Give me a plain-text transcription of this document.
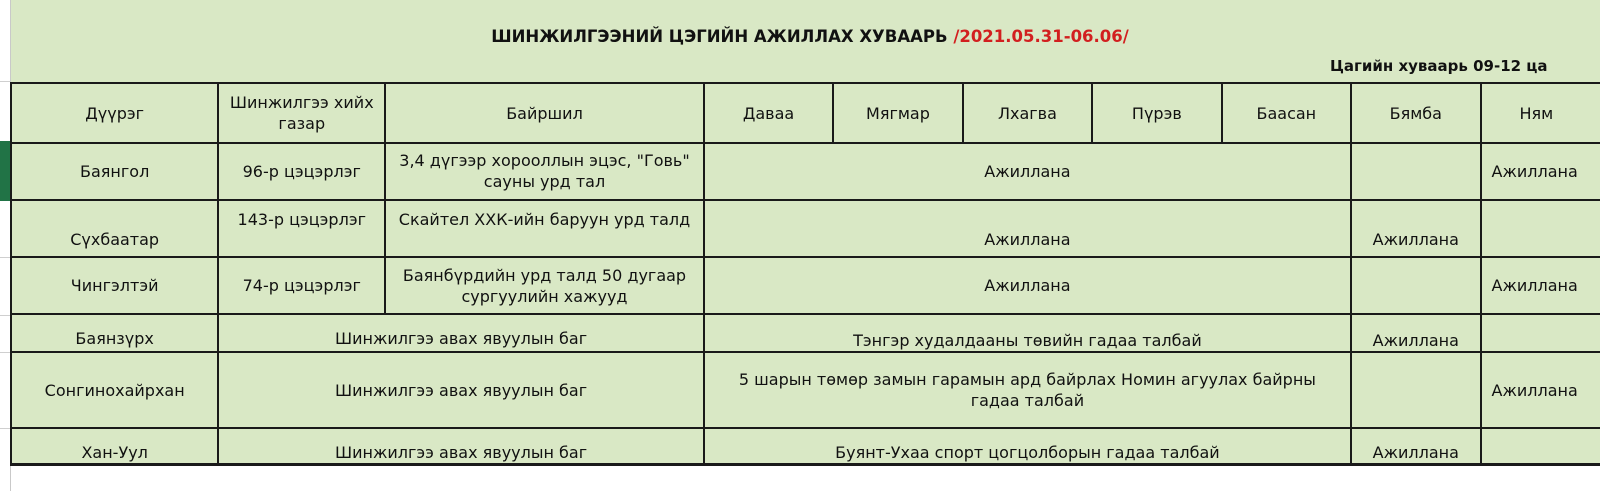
ШИНЖИЛГЭЭНИЙ ЦЭГИЙН АЖИЛЛАХ ХУВААРЬ /2021.05.31-06.06/
Цагийн хуваарь 09-12 ца
Дүүрэг	Шинжилгээ хийх газар	Байршил	Даваа	Мягмар	Лхагва	Пүрэв	Баасан	Бямба	Ням
Баянгол	96-р цэцэрлэг	3,4 дүгээр хорооллын эцэс, "Говь" сауны урд тал	Ажиллана						Ажиллана
Сүхбаатар	143-р цэцэрлэг	Скайтел ХХК-ийн баруун урд талд	Ажиллана					Ажиллана	
Чингэлтэй	74-р цэцэрлэг	Баянбүрдийн урд талд 50 дугаар сургуулийн хажууд	Ажиллана						Ажиллана
Баянзүрх	Шинжилгээ авах явуулын баг		Тэнгэр худалдааны төвийн гадаа талбай					Ажиллана	
Сонгинохайрхан	Шинжилгээ авах явуулын баг		5 шарын төмөр замын гарамын ард байрлах Номин агуулах байрны гадаа талбай						Ажиллана
Хан-Уул	Шинжилгээ авах явуулын баг		Буянт-Ухаа спорт цогцолборын гадаа талбай					Ажиллана	
